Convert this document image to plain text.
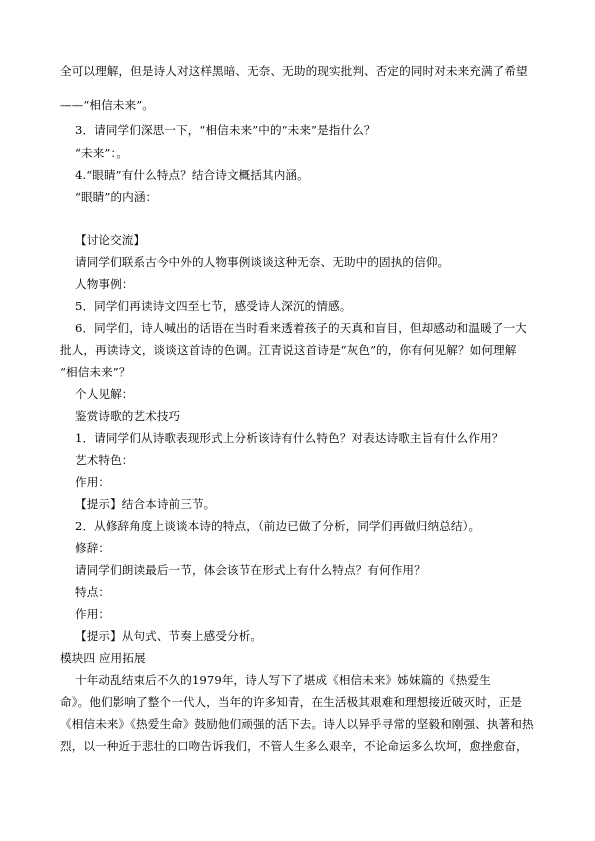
全可以理解，但是诗人对这样黑暗、无奈、无助的现实批判、否定的同时对未来充满了希望
——“相信未来”。
3．请同学们深思一下，“相信未来”中的“未来”是指什么？
“未来”：。
4.“眼睛”有什么特点？结合诗文概括其内涵。
“眼睛”的内涵：
【讨论交流】
请同学们联系古今中外的人物事例谈谈这种无奈、无助中的固执的信仰。
人物事例：
5．同学们再读诗文四至七节，感受诗人深沉的情感。
6．同学们，诗人喊出的话语在当时看来透着孩子的天真和盲目，但却感动和温暖了一大
批人，再读诗文，谈谈这首诗的色调。江青说这首诗是“灰色”的，你有何见解？如何理解
“相信未来”？
个人见解：
鉴赏诗歌的艺术技巧
1．请同学们从诗歌表现形式上分析该诗有什么特色？对表达诗歌主旨有什么作用？
艺术特色：
作用：
【提示】结合本诗前三节。
2．从修辞角度上谈谈本诗的特点，（前边已做了分析，同学们再做归纳总结）。
修辞：
请同学们朗读最后一节，体会该节在形式上有什么特点？有何作用？
特点：
作用：
【提示】从句式、节奏上感受分析。
模块四 应用拓展
十年动乱结束后不久的1979年，诗人写下了堪成《相信未来》姊妹篇的《热爱生
命》。他们影响了整个一代人，当年的许多知青，在生活极其艰难和理想接近破灭时，正是
《相信未来》《热爱生命》鼓励他们顽强的活下去。诗人以异乎寻常的坚毅和刚强、执著和热
烈，以一种近于悲壮的口吻告诉我们，不管人生多么艰辛，不论命运多么坎坷，愈挫愈奋，
